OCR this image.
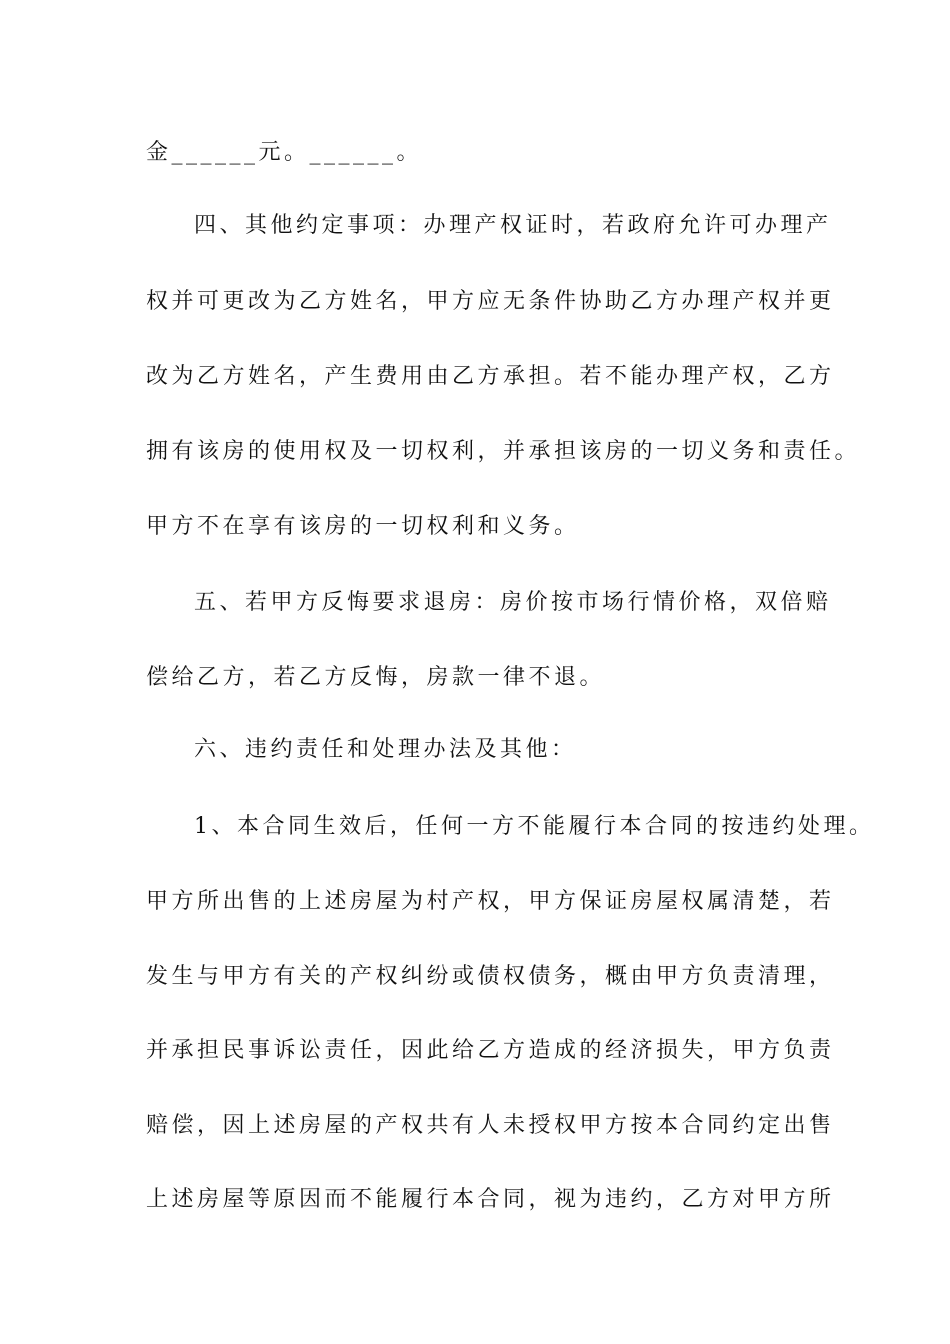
金______元。______。
四、其他约定事项：办理产权证时，若政府允许可办理产
权并可更改为乙方姓名，甲方应无条件协助乙方办理产权并更
改为乙方姓名，产生费用由乙方承担。若不能办理产权，乙方
拥有该房的使用权及一切权利，并承担该房的一切义务和责任。
甲方不在享有该房的一切权利和义务。
五、若甲方反悔要求退房：房价按市场行情价格，双倍赔
偿给乙方，若乙方反悔，房款一律不退。
六、违约责任和处理办法及其他：
1、本合同生效后，任何一方不能履行本合同的按违约处理。
甲方所出售的上述房屋为村产权，甲方保证房屋权属清楚，若
发生与甲方有关的产权纠纷或债权债务，概由甲方负责清理，
并承担民事诉讼责任，因此给乙方造成的经济损失，甲方负责
赔偿，因上述房屋的产权共有人未授权甲方按本合同约定出售
上述房屋等原因而不能履行本合同，视为违约，乙方对甲方所
